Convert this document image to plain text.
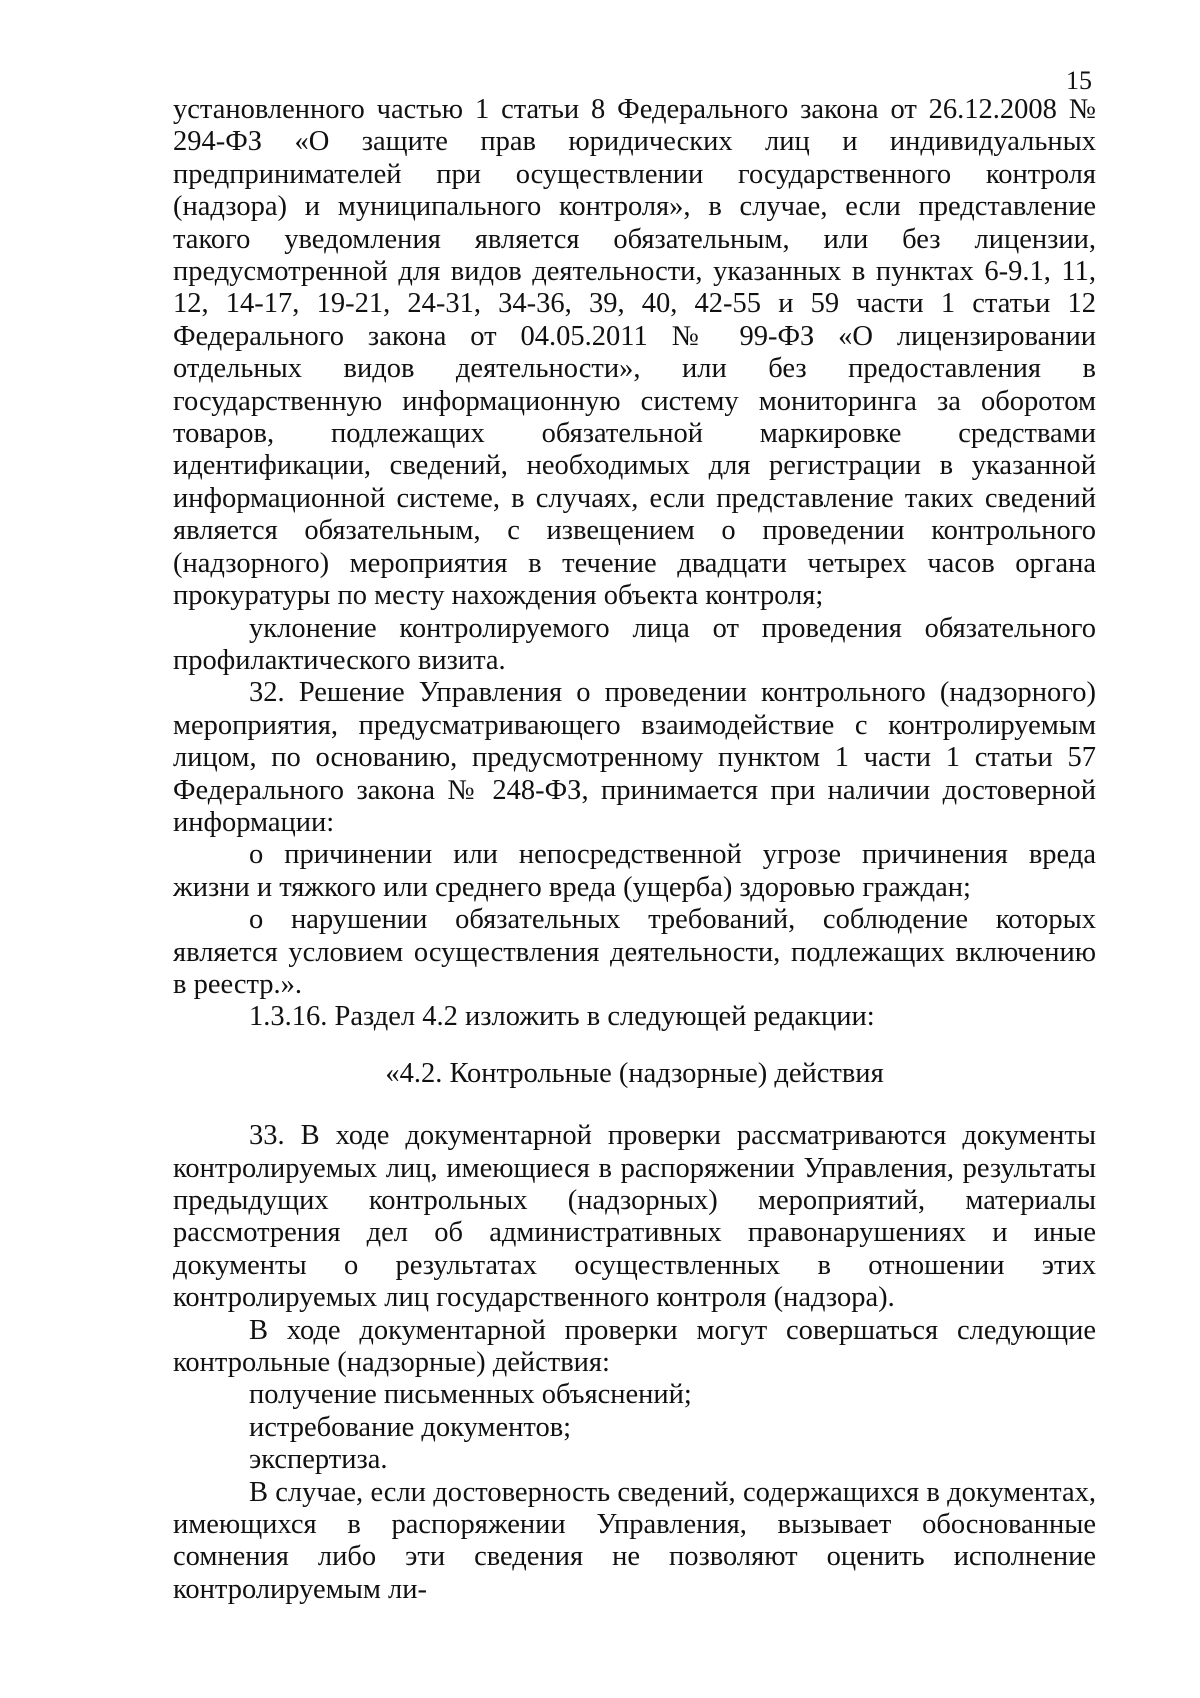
15

установленного частью 1 статьи 8 Федерального закона от 26.12.2008 № 294-ФЗ «О защите прав юридических лиц и индивидуальных предпринимателей при осуществлении государственного контроля (надзора) и муниципального контроля», в случае, если представление такого уведомления является обязательным, или без лицензии, предусмотренной для видов деятельности, указанных в пунктах 6-9.1, 11, 12, 14-17, 19-21, 24-31, 34-36, 39, 40, 42-55 и 59 части 1 статьи 12 Федерального закона от 04.05.2011 № 99-ФЗ «О лицензировании отдельных видов деятельности», или без предоставления в государственную информационную систему мониторинга за оборотом товаров, подлежащих обязательной маркировке средствами идентификации, сведений, необходимых для регистрации в указанной информационной системе, в случаях, если представление таких сведений является обязательным, с извещением о проведении контрольного (надзорного) мероприятия в течение двадцати четырех часов органа прокуратуры по месту нахождения объекта контроля;

уклонение контролируемого лица от проведения обязательного профилактического визита.

32. Решение Управления о проведении контрольного (надзорного) мероприятия, предусматривающего взаимодействие с контролируемым лицом, по основанию, предусмотренному пунктом 1 части 1 статьи 57 Федерального закона № 248-ФЗ, принимается при наличии достоверной информации:

о причинении или непосредственной угрозе причинения вреда жизни и тяжкого или среднего вреда (ущерба) здоровью граждан;

о нарушении обязательных требований, соблюдение которых является условием осуществления деятельности, подлежащих включению в реестр.».

1.3.16. Раздел 4.2 изложить в следующей редакции:

«4.2. Контрольные (надзорные) действия

33. В ходе документарной проверки рассматриваются документы контролируемых лиц, имеющиеся в распоряжении Управления, результаты предыдущих контрольных (надзорных) мероприятий, материалы рассмотрения дел об административных правонарушениях и иные документы о результатах осуществленных в отношении этих контролируемых лиц государственного контроля (надзора).

В ходе документарной проверки могут совершаться следующие контрольные (надзорные) действия:

получение письменных объяснений;

истребование документов;

экспертиза.

В случае, если достоверность сведений, содержащихся в документах, имеющихся в распоряжении Управления, вызывает обоснованные сомнения либо эти сведения не позволяют оценить исполнение контролируемым ли-
